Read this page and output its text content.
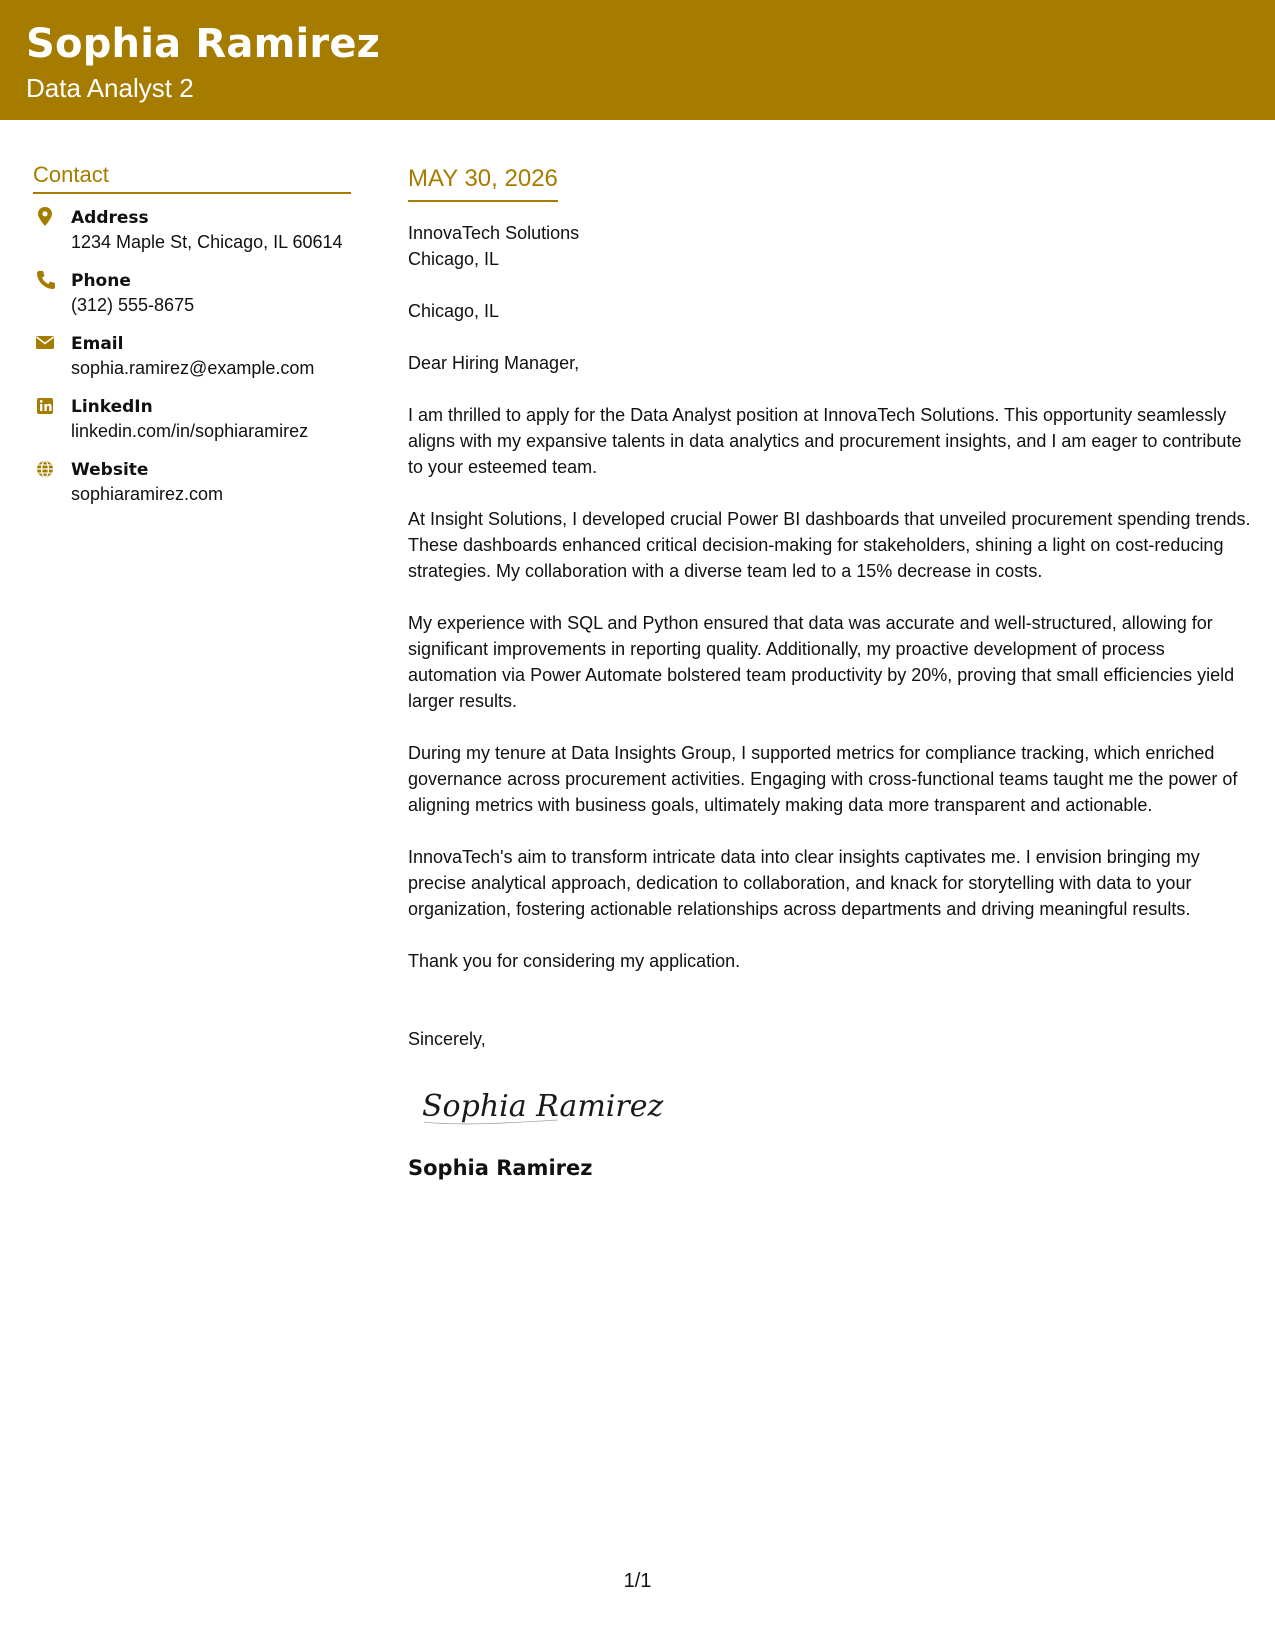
Sophia Ramirez
Data Analyst 2
Contact
Address
1234 Maple St, Chicago, IL 60614
Phone
(312) 555-8675
Email
sophia.ramirez@example.com
LinkedIn
linkedin.com/in/sophiaramirez
Website
sophiaramirez.com
MAY 30, 2026

InnovaTech Solutions

Chicago, IL

Chicago, IL

Dear Hiring Manager,

I am thrilled to apply for the Data Analyst position at InnovaTech Solutions. This opportunity seamlessly aligns with my expansive talents in data analytics and procurement insights, and I am eager to contribute to your esteemed team.

At Insight Solutions, I developed crucial Power BI dashboards that unveiled procurement spending trends. These dashboards enhanced critical decision-making for stakeholders, shining a light on cost-reducing strategies. My collaboration with a diverse team led to a 15% decrease in costs.

My experience with SQL and Python ensured that data was accurate and well-structured, allowing for significant improvements in reporting quality. Additionally, my proactive development of process automation via Power Automate bolstered team productivity by 20%, proving that small efficiencies yield larger results.

During my tenure at Data Insights Group, I supported metrics for compliance tracking, which enriched governance across procurement activities. Engaging with cross-functional teams taught me the power of aligning metrics with business goals, ultimately making data more transparent and actionable.

InnovaTech's aim to transform intricate data into clear insights captivates me. I envision bringing my precise analytical approach, dedication to collaboration, and knack for storytelling with data to your organization, fostering actionable relationships across departments and driving meaningful results.

Thank you for considering my application.

Sincerely,

Sophia Ramirez
Sophia Ramirez
1/1
